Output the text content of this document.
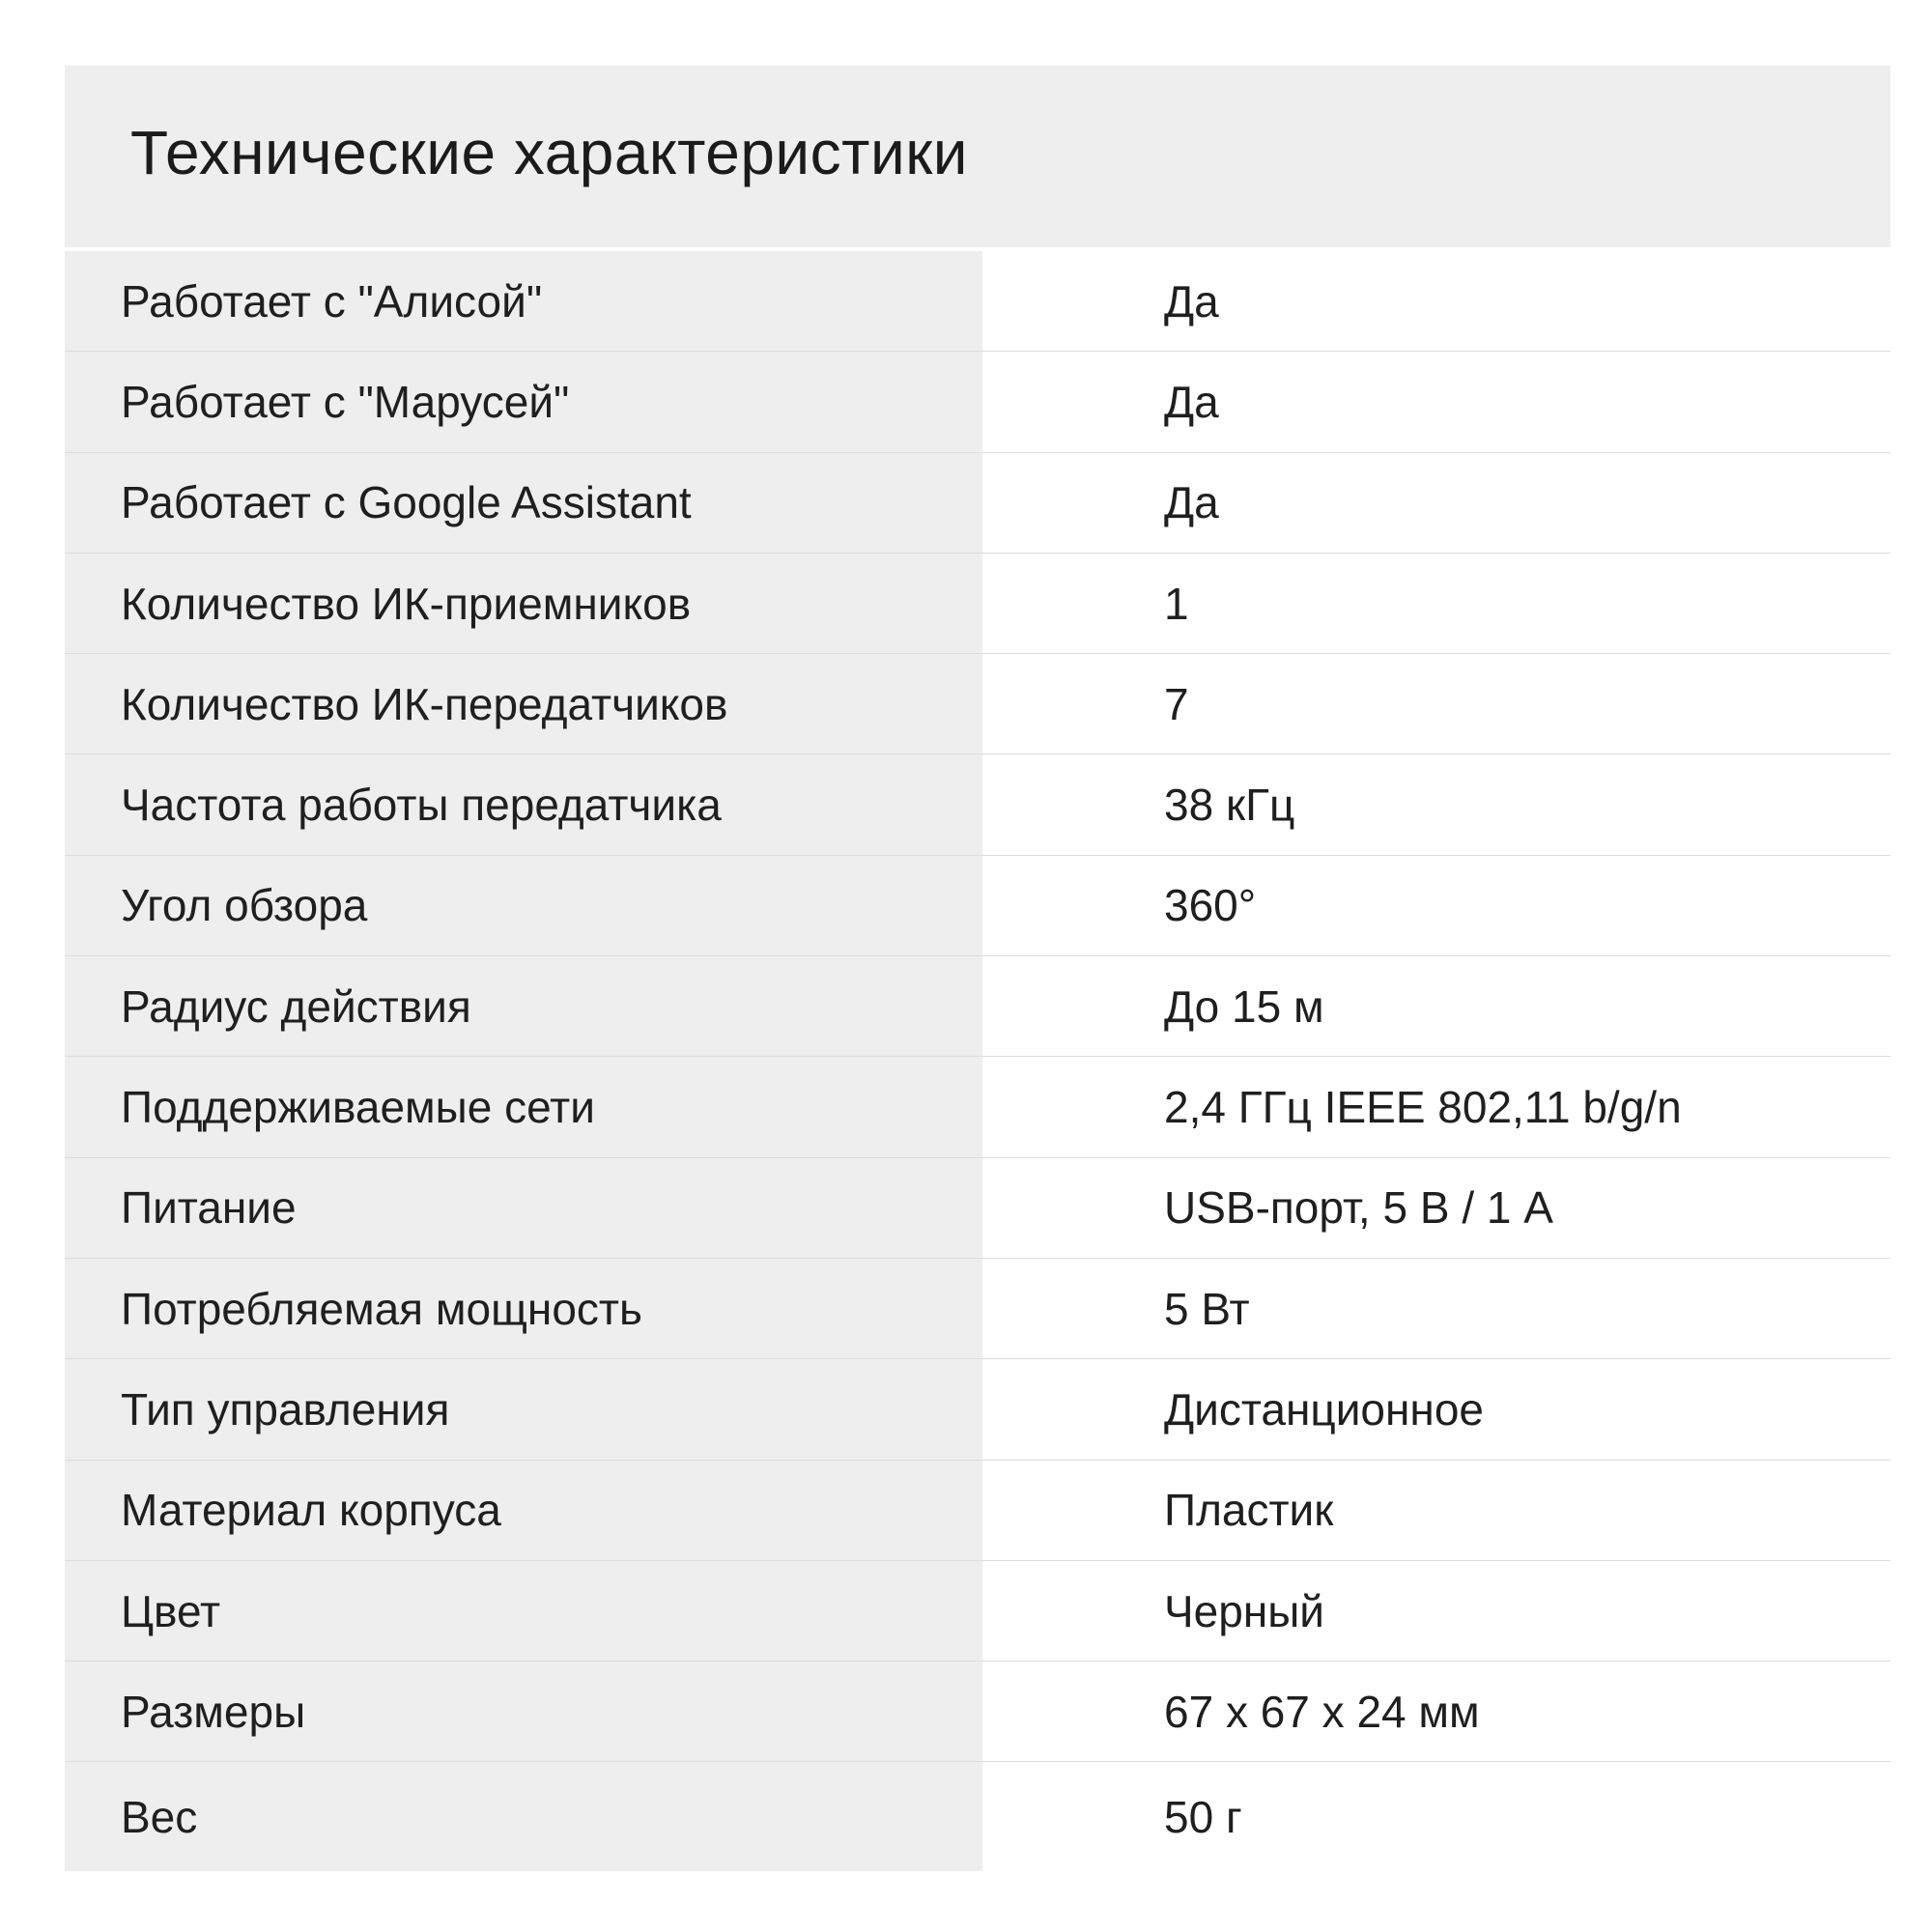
Технические характеристики
Работает с "Алисой"	Да
Работает с "Марусей"	Да
Работает с Google Assistant	Да
Количество ИК-приемников	1
Количество ИК-передатчиков	7
Частота работы передатчика	38 кГц
Угол обзора	360°
Радиус действия	До 15 м
Поддерживаемые сети	2,4 ГГц IEEE 802,11 b/g/n
Питание	USB-порт, 5 В / 1 А
Потребляемая мощность	5 Вт
Тип управления	Дистанционное
Материал корпуса	Пластик
Цвет	Черный
Размеры	67 x 67 x 24 мм
Вес	50 г
